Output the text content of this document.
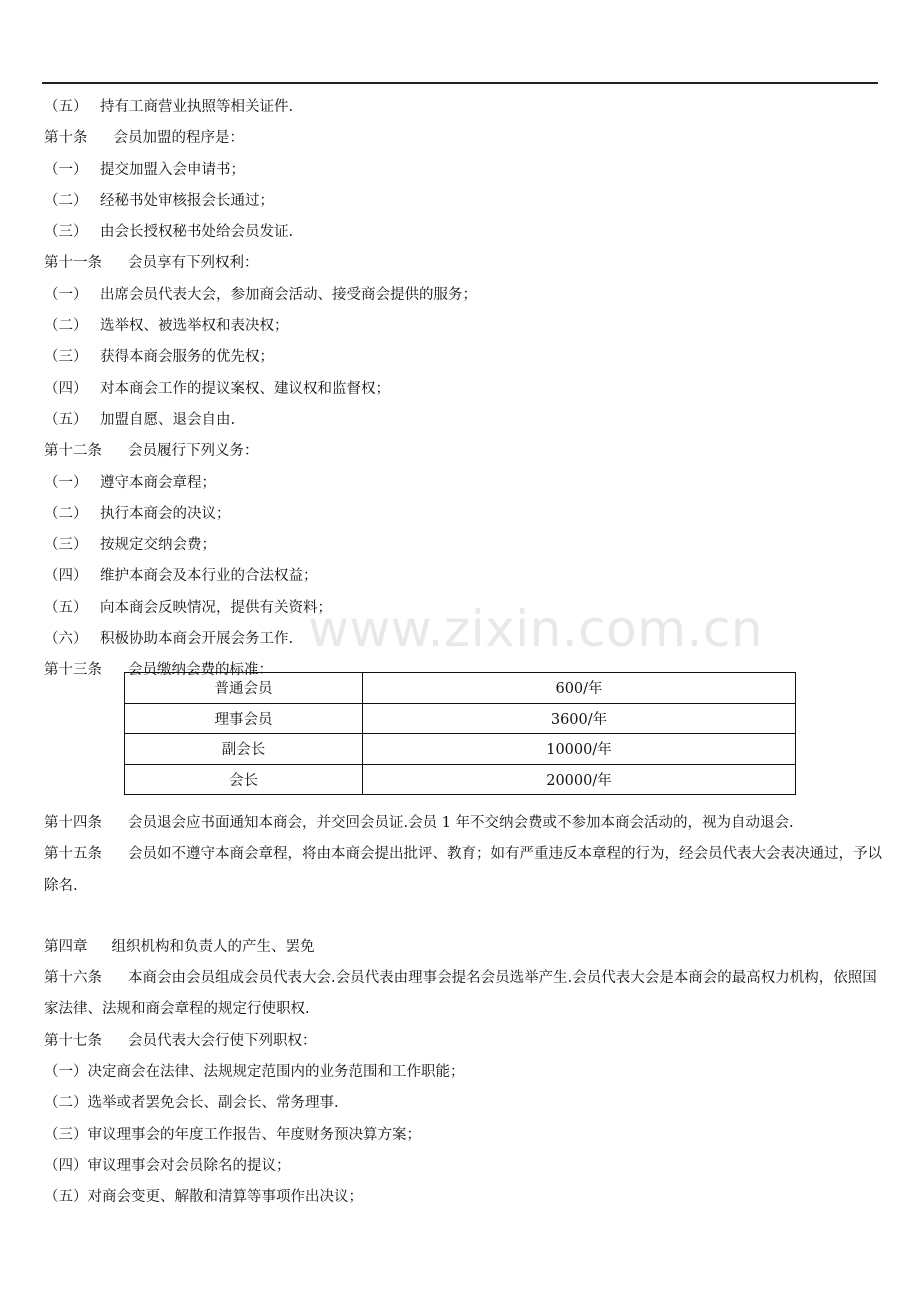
（五） 持有工商营业执照等相关证件.
第十条 会员加盟的程序是：
（一） 提交加盟入会申请书；
（二） 经秘书处审核报会长通过；
（三） 由会长授权秘书处给会员发证.
第十一条 会员享有下列权利：
（一） 出席会员代表大会，参加商会活动、接受商会提供的服务；
（二） 选举权、被选举权和表决权；
（三） 获得本商会服务的优先权；
（四） 对本商会工作的提议案权、建议权和监督权；
（五） 加盟自愿、退会自由.
第十二条 会员履行下列义务：
（一） 遵守本商会章程；
（二） 执行本商会的决议；
（三） 按规定交纳会费；
（四） 维护本商会及本行业的合法权益；
（五） 向本商会反映情况，提供有关资料；
（六） 积极协助本商会开展会务工作.
第十三条 会员缴纳会费的标准：
www.zixin.com.cn
普通会员	600/年
理事会员	3600/年
副会长	10000/年
会长	20000/年
第十四条 会员退会应书面通知本商会，并交回会员证.会员 1 年不交纳会费或不参加本商会活动的，视为自动退会.
第十五条 会员如不遵守本商会章程，将由本商会提出批评、教育；如有严重违反本章程的行为，经会员代表大会表决通过，予以除名.
第四章 组织机构和负责人的产生、罢免
第十六条 本商会由会员组成会员代表大会.会员代表由理事会提名会员选举产生.会员代表大会是本商会的最高权力机构，依照国家法律、法规和商会章程的规定行使职权.
第十七条 会员代表大会行使下列职权：
（一）决定商会在法律、法规规定范围内的业务范围和工作职能；
（二）选举或者罢免会长、副会长、常务理事.
（三）审议理事会的年度工作报告、年度财务预决算方案；
（四）审议理事会对会员除名的提议；
（五）对商会变更、解散和清算等事项作出决议；
